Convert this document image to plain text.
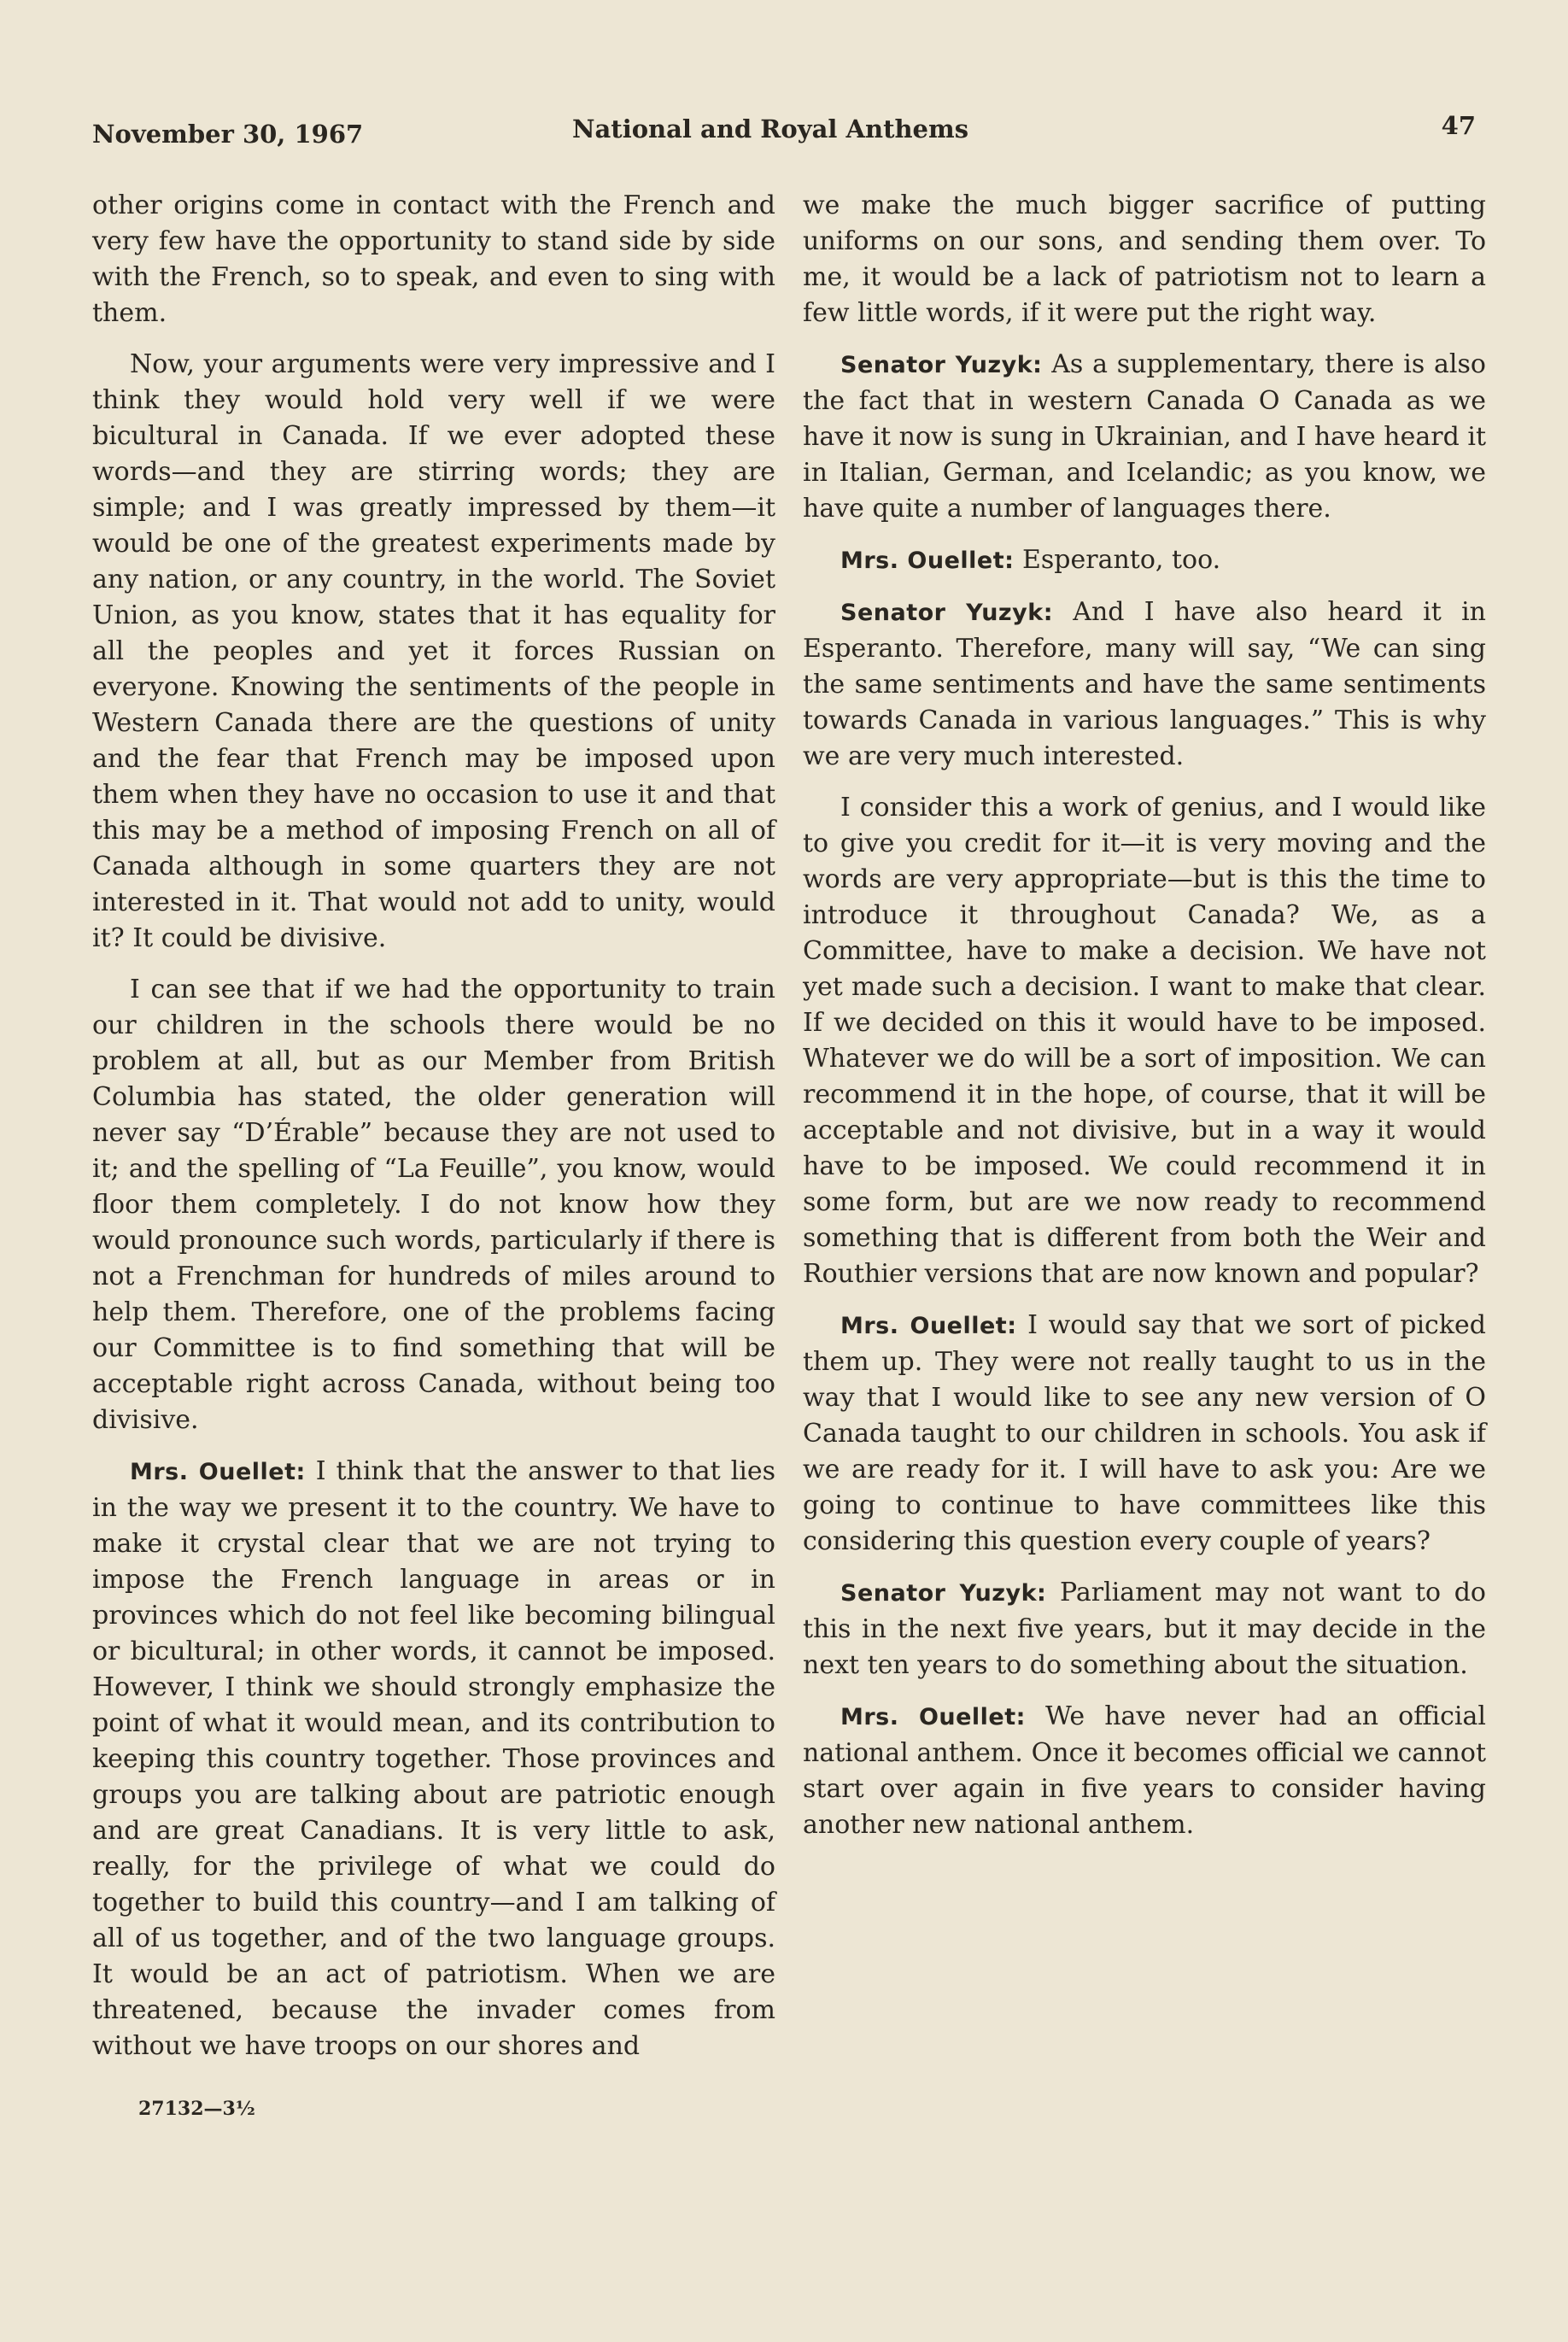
November 30, 1967	National and Royal Anthems	47

other origins come in contact with the French and very few have the opportunity to stand side by side with the French, so to speak, and even to sing with them.

Now, your arguments were very impressive and I think they would hold very well if we were bicultural in Canada. If we ever adopted these words—and they are stirring words; they are simple; and I was greatly impressed by them—it would be one of the greatest experiments made by any nation, or any country, in the world. The Soviet Union, as you know, states that it has equality for all the peoples and yet it forces Russian on everyone. Knowing the sentiments of the people in Western Canada there are the questions of unity and the fear that French may be imposed upon them when they have no occasion to use it and that this may be a method of imposing French on all of Canada although in some quarters they are not interested in it. That would not add to unity, would it? It could be divisive.

I can see that if we had the opportunity to train our children in the schools there would be no problem at all, but as our Member from British Columbia has stated, the older generation will never say “D’Érable” because they are not used to it; and the spelling of “La Feuille”, you know, would floor them completely. I do not know how they would pronounce such words, particularly if there is not a Frenchman for hundreds of miles around to help them. Therefore, one of the problems facing our Committee is to find something that will be acceptable right across Canada, without being too divisive.

Mrs. Ouellet: I think that the answer to that lies in the way we present it to the country. We have to make it crystal clear that we are not trying to impose the French language in areas or in provinces which do not feel like becoming bilingual or bicultural; in other words, it cannot be imposed. However, I think we should strongly emphasize the point of what it would mean, and its contribution to keeping this country together. Those provinces and groups you are talking about are patriotic enough and are great Canadians. It is very little to ask, really, for the privilege of what we could do together to build this country—and I am talking of all of us together, and of the two language groups. It would be an act of patriotism. When we are threatened, because the invader comes from without we have troops on our shores and

we make the much bigger sacrifice of putting uniforms on our sons, and sending them over. To me, it would be a lack of patriotism not to learn a few little words, if it were put the right way.

Senator Yuzyk: As a supplementary, there is also the fact that in western Canada O Canada as we have it now is sung in Ukrainian, and I have heard it in Italian, German, and Icelandic; as you know, we have quite a number of languages there.

Mrs. Ouellet: Esperanto, too.

Senator Yuzyk: And I have also heard it in Esperanto. Therefore, many will say, “We can sing the same sentiments and have the same sentiments towards Canada in various languages.” This is why we are very much interested.

I consider this a work of genius, and I would like to give you credit for it—it is very moving and the words are very appropriate—but is this the time to introduce it throughout Canada? We, as a Committee, have to make a decision. We have not yet made such a decision. I want to make that clear. If we decided on this it would have to be imposed. Whatever we do will be a sort of imposition. We can recommend it in the hope, of course, that it will be acceptable and not divisive, but in a way it would have to be imposed. We could recommend it in some form, but are we now ready to recommend something that is different from both the Weir and Routhier versions that are now known and popular?

Mrs. Ouellet: I would say that we sort of picked them up. They were not really taught to us in the way that I would like to see any new version of O Canada taught to our children in schools. You ask if we are ready for it. I will have to ask you: Are we going to continue to have committees like this considering this question every couple of years?

Senator Yuzyk: Parliament may not want to do this in the next five years, but it may decide in the next ten years to do something about the situation.

Mrs. Ouellet: We have never had an official national anthem. Once it becomes official we cannot start over again in five years to consider having another new national anthem.

27132—3½
